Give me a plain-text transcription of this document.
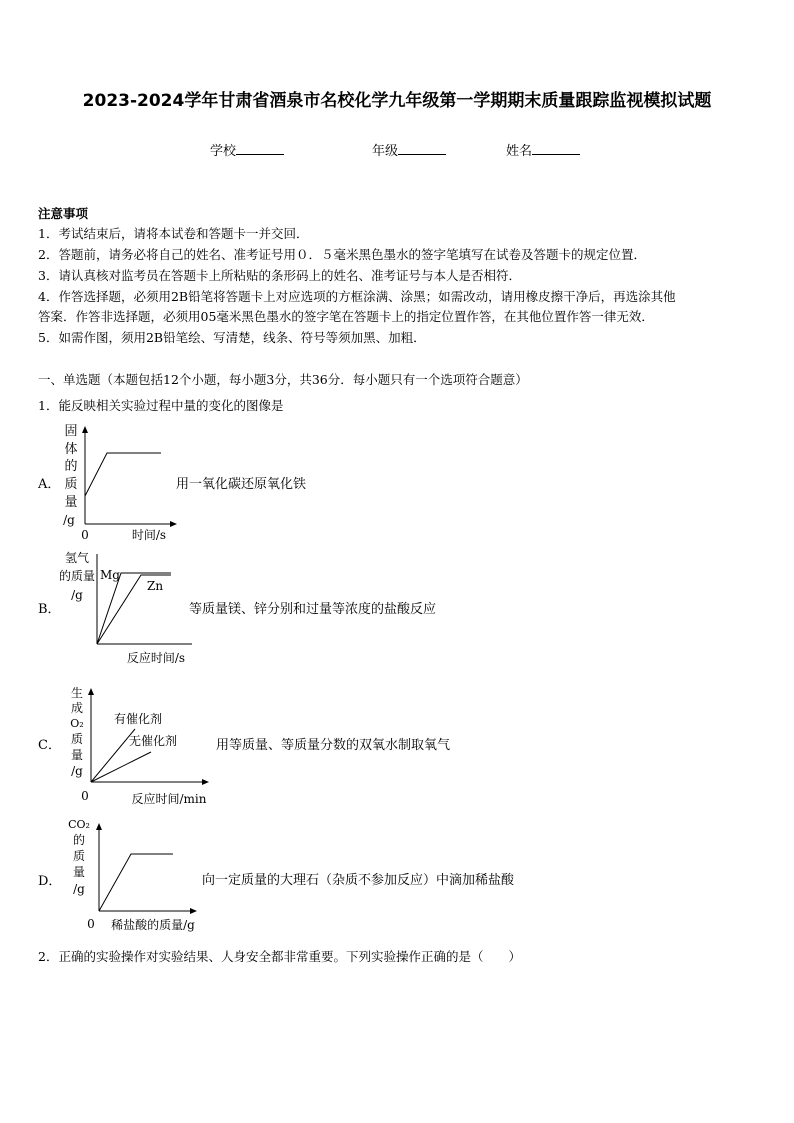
2023-2024学年甘肃省酒泉市名校化学九年级第一学期期末质量跟踪监视模拟试题
学校	年级	姓名
注意事项
1．考试结束后，请将本试卷和答题卡一并交回．
2．答题前，请务必将自己的姓名、准考证号用０．５毫米黑色墨水的签字笔填写在试卷及答题卡的规定位置．
3．请认真核对监考员在答题卡上所粘贴的条形码上的姓名、准考证号与本人是否相符．
4．作答选择题，必须用2B铅笔将答题卡上对应选项的方框涂满、涂黑；如需改动，请用橡皮擦干净后，再选涂其他
答案．作答非选择题，必须用05毫米黑色墨水的签字笔在答题卡上的指定位置作答，在其他位置作答一律无效．
5．如需作图，须用2B铅笔绘、写清楚，线条、符号等须加黑、加粗．
一、单选题（本题包括12个小题，每小题3分，共36分．每小题只有一个选项符合题意）
1．能反映相关实验过程中量的变化的图像是
A．
固
体
的
质
量
/g
0	时间/s
用一氧化碳还原氧化铁
B．
氢气
的质量
/g
Mg
Zn
反应时间/s
等质量镁、锌分别和过量等浓度的盐酸反应
C．
生
成
O₂
质
量
/g
有催化剂
无催化剂
0	反应时间/min
用等质量、等质量分数的双氧水制取氧气
D．
CO₂
的
质
量
/g
0 稀盐酸的质量/g
向一定质量的大理石（杂质不参加反应）中滴加稀盐酸
2．正确的实验操作对实验结果、人身安全都非常重要。下列实验操作正确的是（　　）
